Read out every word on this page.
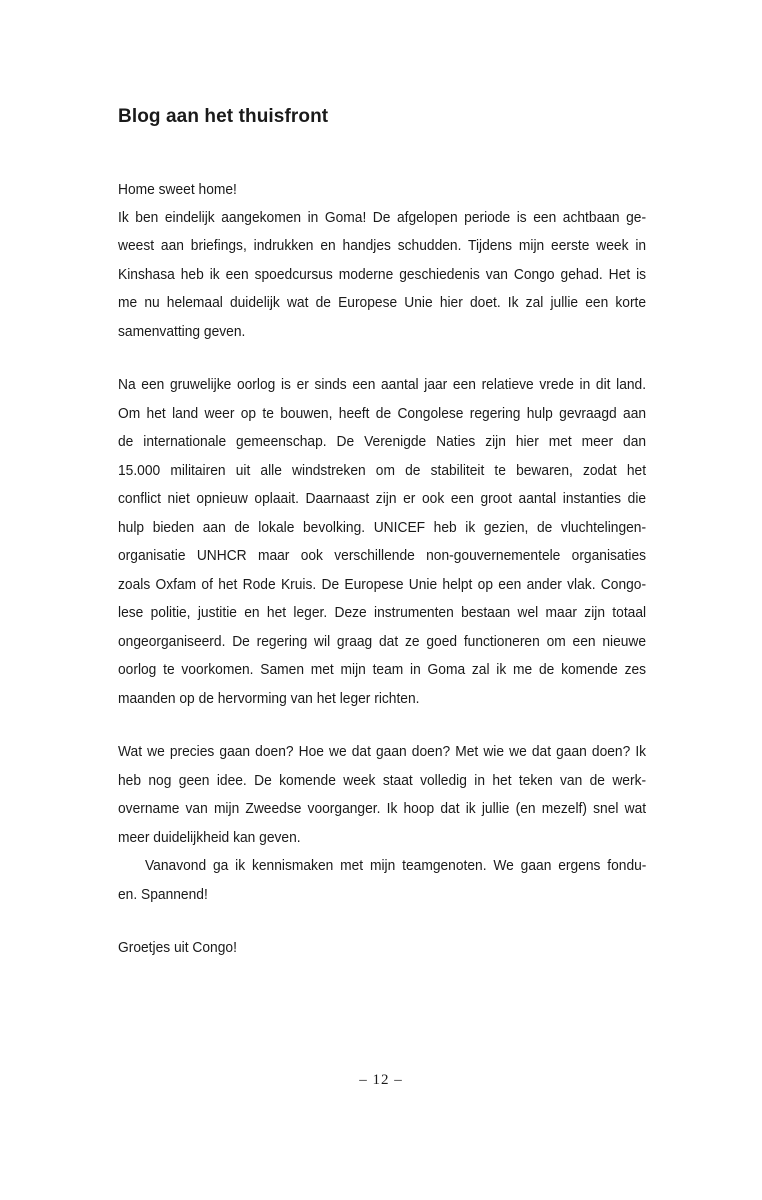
Blog aan het thuisfront
Home sweet home!
Ik ben eindelijk aangekomen in Goma! De afgelopen periode is een achtbaan ge-
weest aan briefings, indrukken en handjes schudden. Tijdens mijn eerste week in
Kinshasa heb ik een spoedcursus moderne geschiedenis van Congo gehad. Het is
me nu helemaal duidelijk wat de Europese Unie hier doet. Ik zal jullie een korte
samenvatting geven.
Na een gruwelijke oorlog is er sinds een aantal jaar een relatieve vrede in dit land.
Om het land weer op te bouwen, heeft de Congolese regering hulp gevraagd aan
de internationale gemeenschap. De Verenigde Naties zijn hier met meer dan
15.000 militairen uit alle windstreken om de stabiliteit te bewaren, zodat het
conflict niet opnieuw oplaait. Daarnaast zijn er ook een groot aantal instanties die
hulp bieden aan de lokale bevolking. UNICEF heb ik gezien, de vluchtelingen-
organisatie UNHCR maar ook verschillende non-gouvernementele organisaties
zoals Oxfam of het Rode Kruis. De Europese Unie helpt op een ander vlak. Congo-
lese politie, justitie en het leger. Deze instrumenten bestaan wel maar zijn totaal
ongeorganiseerd. De regering wil graag dat ze goed functioneren om een nieuwe
oorlog te voorkomen. Samen met mijn team in Goma zal ik me de komende zes
maanden op de hervorming van het leger richten.
Wat we precies gaan doen? Hoe we dat gaan doen? Met wie we dat gaan doen? Ik
heb nog geen idee. De komende week staat volledig in het teken van de werk-
overname van mijn Zweedse voorganger. Ik hoop dat ik jullie (en mezelf) snel wat
meer duidelijkheid kan geven.
Vanavond ga ik kennismaken met mijn teamgenoten. We gaan ergens fondu-
en. Spannend!
Groetjes uit Congo!
– 12 –
